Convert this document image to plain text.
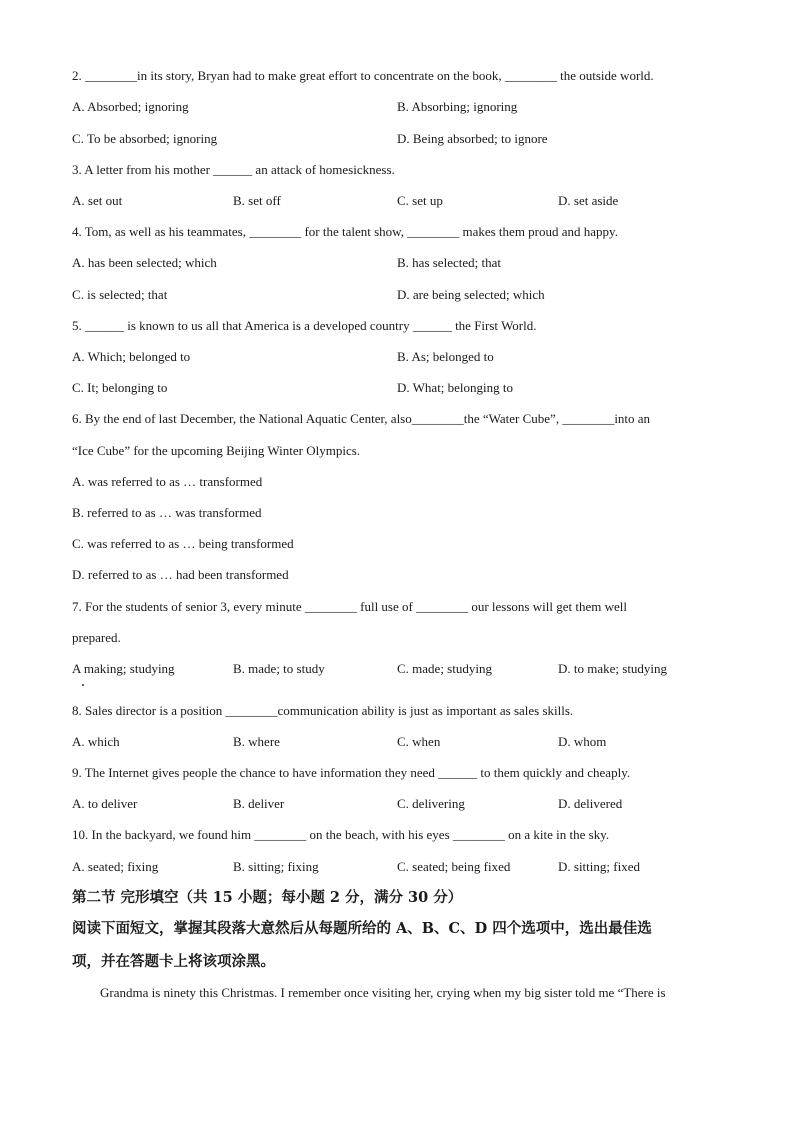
2. ________in its story, Bryan had to make great effort to concentrate on the book, ________ the outside world.
A. Absorbed; ignoring	B. Absorbing; ignoring
C. To be absorbed; ignoring	D. Being absorbed; to ignore
3. A letter from his mother ______ an attack of homesickness.
A. set out	B. set off	C. set up	D. set aside
4. Tom, as well as his teammates, ________ for the talent show, ________ makes them proud and happy.
A. has been selected; which	B. has selected; that
C. is selected; that	D. are being selected; which
5. ______ is known to us all that America is a developed country ______ the First World.
A. Which; belonged to	B. As; belonged to
C. It; belonging to	D. What; belonging to
6. By the end of last December, the National Aquatic Center, also________the “Water Cube”, ________into an
“Ice Cube” for the upcoming Beijing Winter Olympics.
A. was referred to as … transformed
B. referred to as … was transformed
C. was referred to as … being transformed
D. referred to as … had been transformed
7. For the students of senior 3, every minute ________ full use of ________ our lessons will get them well
prepared.
A making; studying	B. made; to study	C. made; studying	D. to make; studying
8. Sales director is a position ________communication ability is just as important as sales skills.
A. which	B. where	C. when	D. whom
9. The Internet gives people the chance to have information they need ______ to them quickly and cheaply.
A. to deliver	B. deliver	C. delivering	D. delivered
10. In the backyard, we found him ________ on the beach, with his eyes ________ on a kite in the sky.
A. seated; fixing	B. sitting; fixing	C. seated; being fixed	D. sitting; fixed
第二节 完形填空（共 15 小题；每小题 2 分，满分 30 分）
阅读下面短文，掌握其段落大意然后从每题所给的 A、B、C、D 四个选项中，选出最佳选
项，并在答题卡上将该项涂黑。
Grandma is ninety this Christmas. I remember once visiting her, crying when my big sister told me “There is
